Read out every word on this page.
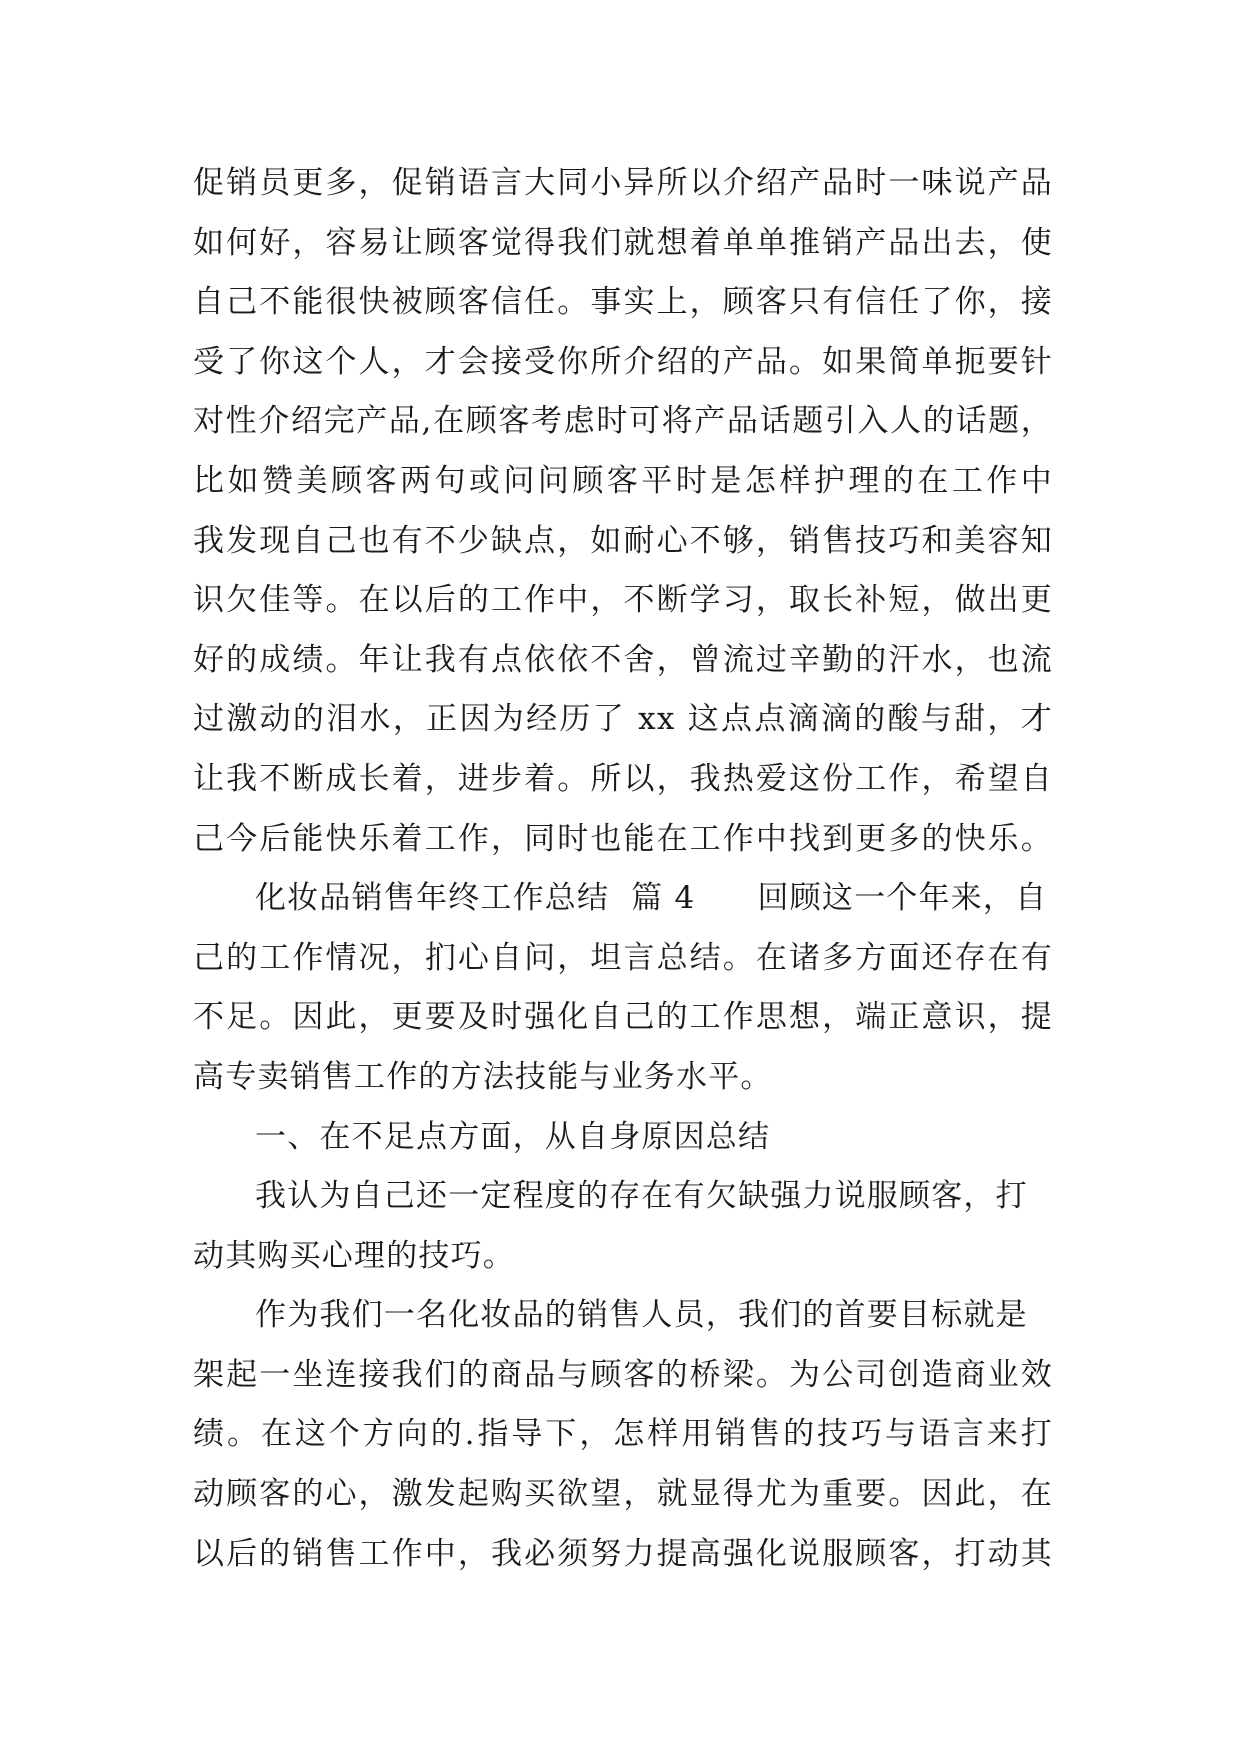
促销员更多，促销语言大同小异所以介绍产品时一味说产品
如何好，容易让顾客觉得我们就想着单单推销产品出去，使
自己不能很快被顾客信任。事实上，顾客只有信任了你，接
受了你这个人，才会接受你所介绍的产品。如果简单扼要针
对性介绍完产品,在顾客考虑时可将产品话题引入人的话题，
比如赞美顾客两句或问问顾客平时是怎样护理的在工作中
我发现自己也有不少缺点，如耐心不够，销售技巧和美容知
识欠佳等。在以后的工作中，不断学习，取长补短，做出更
好的成绩。年让我有点依依不舍，曾流过辛勤的汗水，也流
过激动的泪水，正因为经历了 xx 这点点滴滴的酸与甜，才
让我不断成长着，进步着。所以，我热爱这份工作，希望自
己今后能快乐着工作，同时也能在工作中找到更多的快乐。
化妆品销售年终工作总结  篇 4 回顾这一个年来，自
己的工作情况，扪心自问，坦言总结。在诸多方面还存在有
不足。因此，更要及时强化自己的工作思想，端正意识，提
高专卖销售工作的方法技能与业务水平。
一、在不足点方面，从自身原因总结
我认为自己还一定程度的存在有欠缺强力说服顾客，打
动其购买心理的技巧。
作为我们一名化妆品的销售人员，我们的首要目标就是
架起一坐连接我们的商品与顾客的桥梁。为公司创造商业效
绩。在这个方向的.指导下，怎样用销售的技巧与语言来打
动顾客的心，激发起购买欲望，就显得尤为重要。因此，在
以后的销售工作中，我必须努力提高强化说服顾客，打动其
